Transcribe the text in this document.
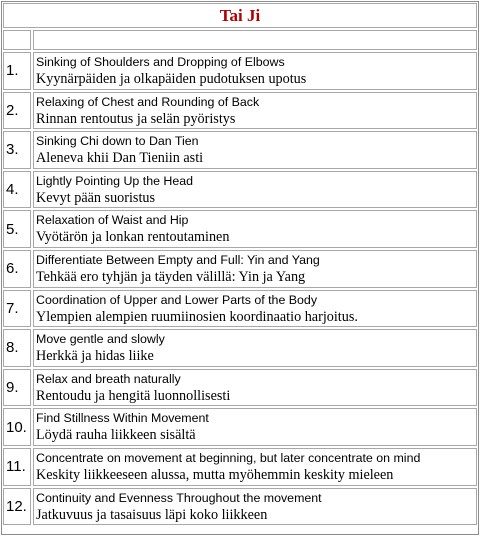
Tai Ji
1.
Sinking of Shoulders and Dropping of Elbows
Kyynärpäiden ja olkapäiden pudotuksen upotus
2.
Relaxing of Chest and Rounding of Back
Rinnan rentoutus ja selän pyöristys
3.
Sinking Chi down to Dan Tien
Aleneva khii Dan Tieniin asti
4.
Lightly Pointing Up the Head
Kevyt pään suoristus
5.
Relaxation of Waist and Hip
Vyötärön ja lonkan rentoutaminen
6.
Differentiate Between Empty and Full: Yin and Yang
Tehkää ero tyhjän ja täyden välillä: Yin ja Yang
7.
Coordination of Upper and Lower Parts of the Body
Ylempien alempien ruumiinosien koordinaatio harjoitus.
8.
Move gentle and slowly
Herkkä ja hidas liike
9.
Relax and breath naturally
Rentoudu ja hengitä luonnollisesti
10.
Find Stillness Within Movement
Löydä rauha liikkeen sisältä
11.
Concentrate on movement at beginning, but later concentrate on mind
Keskity liikkeeseen alussa, mutta myöhemmin keskity mieleen
12.
Continuity and Evenness Throughout the movement
Jatkuvuus ja tasaisuus läpi koko liikkeen
